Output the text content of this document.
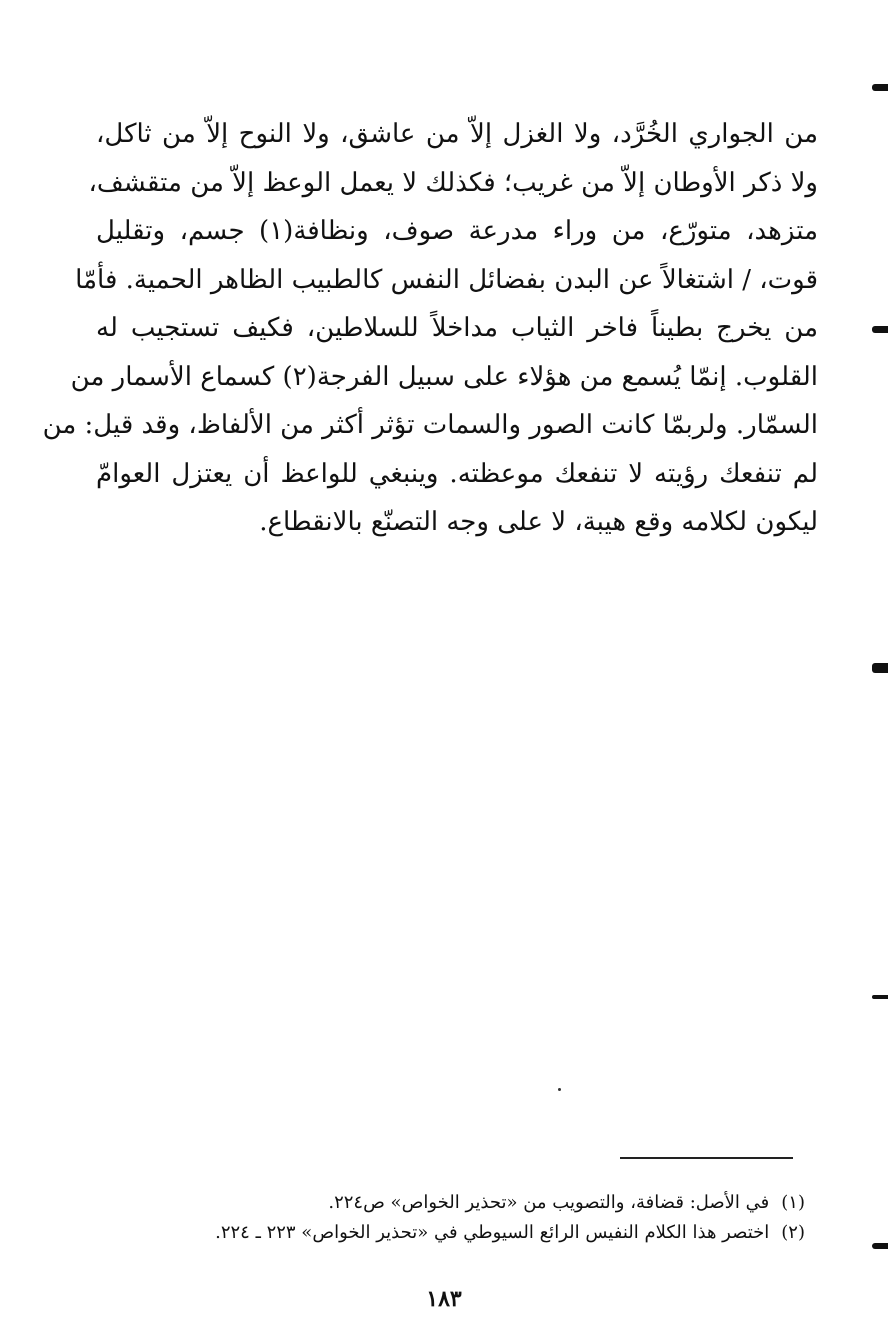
من الجواري الخُرَّد، ولا الغزل إلاّ من عاشق، ولا النوح إلاّ من ثاكل،
ولا ذكر الأوطان إلاّ من غريب؛ فكذلك لا يعمل الوعظ إلاّ من متقشف،
متزهد، متورّع، من وراء مدرعة صوف، ونظافة(١) جسم، وتقليل
قوت، / اشتغالاً عن البدن بفضائل النفس كالطبيب الظاهر الحمية. فأمّا
من يخرج بطيناً فاخر الثياب مداخلاً للسلاطين، فكيف تستجيب له
القلوب. إنمّا يُسمع من هؤلاء على سبيل الفرجة(٢) كسماع الأسمار من
السمّار. ولربمّا كانت الصور والسمات تؤثر أكثر من الألفاظ، وقد قيل: من
لم تنفعك رؤيته لا تنفعك موعظته. وينبغي للواعظ أن يعتزل العوامّ
ليكون لكلامه وقع هيبة، لا على وجه التصنّع بالانقطاع.
(١)في الأصل: قضافة، والتصويب من «تحذير الخواص» ص٢٢٤.
(٢)اختصر هذا الكلام النفيس الرائع السيوطي في «تحذير الخواص» ٢٢٣ ـ ٢٢٤.
١٨٣
